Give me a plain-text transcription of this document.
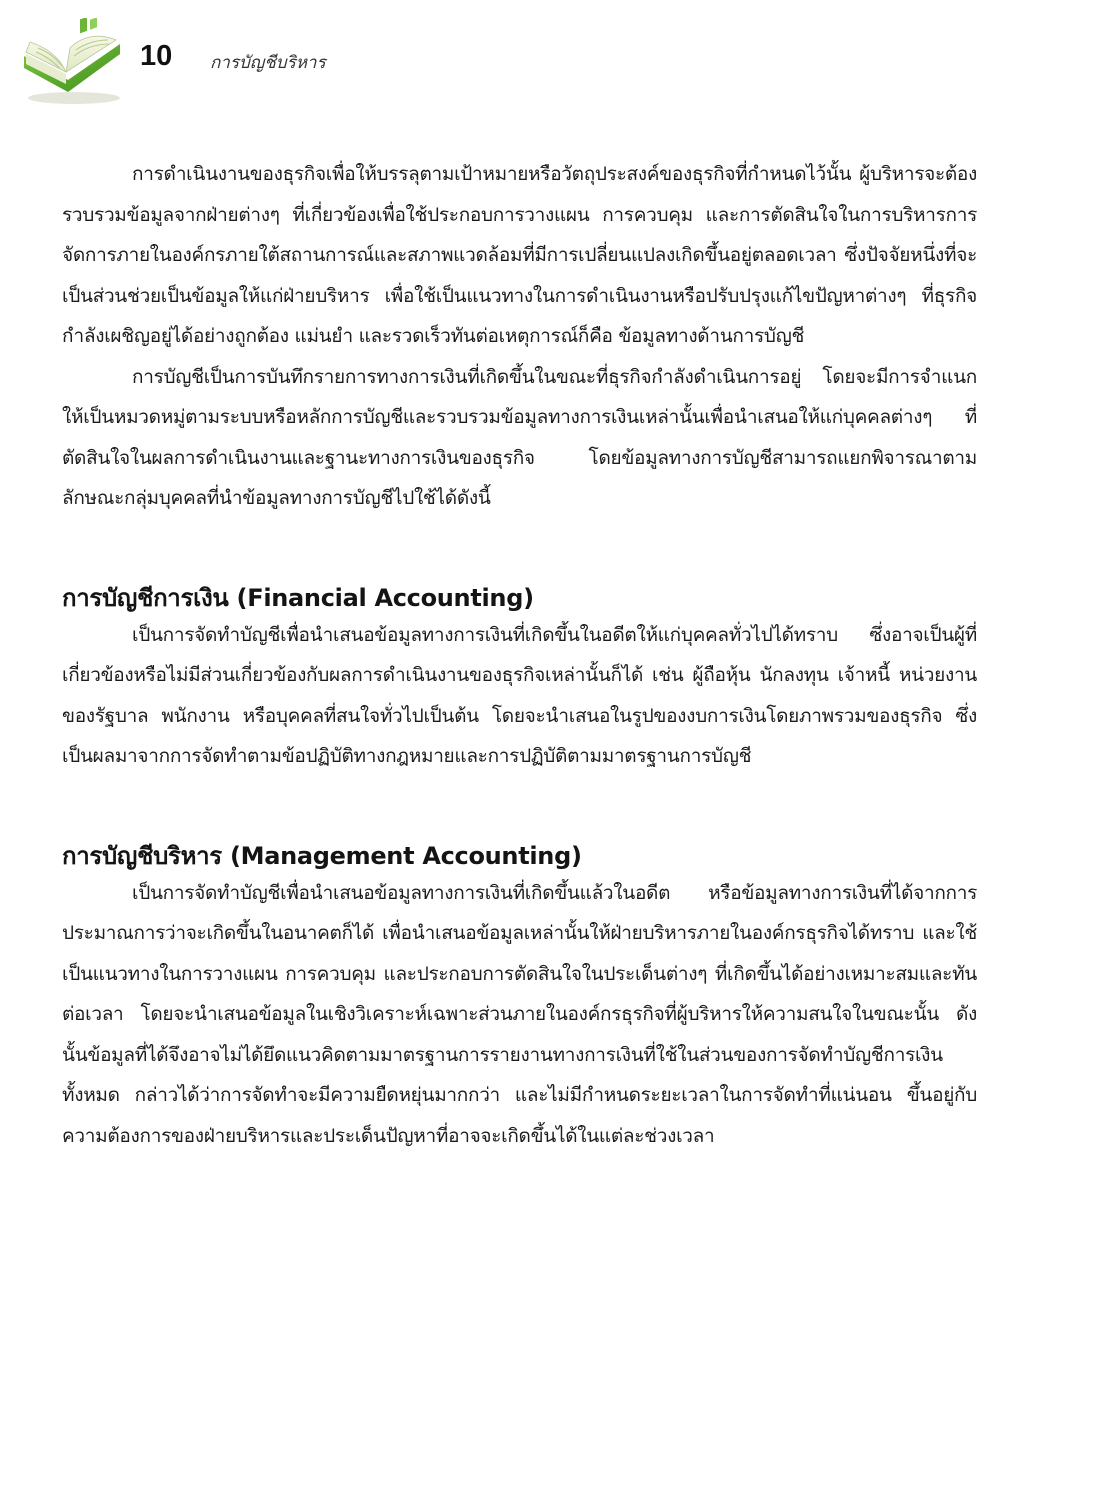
10 การบัญชีบริหาร

การดำเนินงานของธุรกิจเพื่อให้บรรลุตามเป้าหมายหรือวัตถุประสงค์ของธุรกิจที่กำหนดไว้นั้น ผู้บริหารจะต้องรวบรวมข้อมูลจากฝ่ายต่างๆ ที่เกี่ยวข้องเพื่อใช้ประกอบการวางแผน การควบคุม และการตัดสินใจในการบริหารการจัดการภายในองค์กรภายใต้สถานการณ์และสภาพแวดล้อมที่มีการเปลี่ยนแปลงเกิดขึ้นอยู่ตลอดเวลา ซึ่งปัจจัยหนึ่งที่จะเป็นส่วนช่วยเป็นข้อมูลให้แก่ฝ่ายบริหาร เพื่อใช้เป็นแนวทางในการดำเนินงานหรือปรับปรุงแก้ไขปัญหาต่างๆ ที่ธุรกิจกำลังเผชิญอยู่ได้อย่างถูกต้อง แม่นยำ และรวดเร็วทันต่อเหตุการณ์ก็คือ ข้อมูลทางด้านการบัญชี

การบัญชีเป็นการบันทึกรายการทางการเงินที่เกิดขึ้นในขณะที่ธุรกิจกำลังดำเนินการอยู่ โดยจะมีการจำแนกให้เป็นหมวดหมู่ตามระบบหรือหลักการบัญชีและรวบรวมข้อมูลทางการเงินเหล่านั้นเพื่อนำเสนอให้แก่บุคคลต่างๆ ที่ตัดสินใจในผลการดำเนินงานและฐานะทางการเงินของธุรกิจ โดยข้อมูลทางการบัญชีสามารถแยกพิจารณาตามลักษณะกลุ่มบุคคลที่นำข้อมูลทางการบัญชีไปใช้ได้ดังนี้

การบัญชีการเงิน (Financial Accounting)

เป็นการจัดทำบัญชีเพื่อนำเสนอข้อมูลทางการเงินที่เกิดขึ้นในอดีตให้แก่บุคคลทั่วไปได้ทราบ ซึ่งอาจเป็นผู้ที่เกี่ยวข้องหรือไม่มีส่วนเกี่ยวข้องกับผลการดำเนินงานของธุรกิจเหล่านั้นก็ได้ เช่น ผู้ถือหุ้น นักลงทุน เจ้าหนี้ หน่วยงานของรัฐบาล พนักงาน หรือบุคคลที่สนใจทั่วไปเป็นต้น โดยจะนำเสนอในรูปของงบการเงินโดยภาพรวมของธุรกิจ ซึ่งเป็นผลมาจากการจัดทำตามข้อปฏิบัติทางกฎหมายและการปฏิบัติตามมาตรฐานการบัญชี

การบัญชีบริหาร (Management Accounting)

เป็นการจัดทำบัญชีเพื่อนำเสนอข้อมูลทางการเงินที่เกิดขึ้นแล้วในอดีต หรือข้อมูลทางการเงินที่ได้จากการประมาณการว่าจะเกิดขึ้นในอนาคตก็ได้ เพื่อนำเสนอข้อมูลเหล่านั้นให้ฝ่ายบริหารภายในองค์กรธุรกิจได้ทราบ และใช้เป็นแนวทางในการวางแผน การควบคุม และประกอบการตัดสินใจในประเด็นต่างๆ ที่เกิดขึ้นได้อย่างเหมาะสมและทันต่อเวลา โดยจะนำเสนอข้อมูลในเชิงวิเคราะห์เฉพาะส่วนภายในองค์กรธุรกิจที่ผู้บริหารให้ความสนใจในขณะนั้น ดังนั้นข้อมูลที่ได้จึงอาจไม่ได้ยึดแนวคิดตามมาตรฐานการรายงานทางการเงินที่ใช้ในส่วนของการจัดทำบัญชีการเงินทั้งหมด กล่าวได้ว่าการจัดทำจะมีความยืดหยุ่นมากกว่า และไม่มีกำหนดระยะเวลาในการจัดทำที่แน่นอน ขึ้นอยู่กับความต้องการของฝ่ายบริหารและประเด็นปัญหาที่อาจจะเกิดขึ้นได้ในแต่ละช่วงเวลา
